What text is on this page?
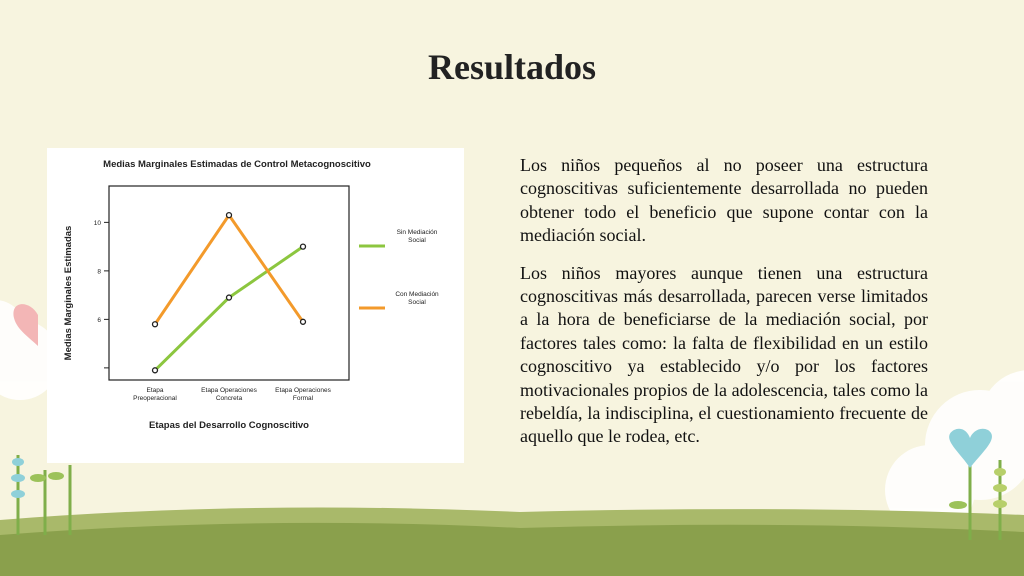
Resultados
Medias Marginales Estimadas de Control Metacognoscitivo
10
8
6
Etapa
Preoperacional
Etapa Operaciones
Concreta
Etapa Operaciones
Formal
Medias Marginales Estimadas
Etapas del Desarrollo Cognoscitivo
Sin Mediación
Social
Con Mediación
Social

Los niños pequeños al no poseer una estructura cognoscitivas suficientemente desarrollada no pueden obtener todo el beneficio que supone contar con la mediación social.

Los niños mayores aunque tienen una estructura cognoscitivas más desarrollada, parecen verse limitados a la hora de beneficiarse de la mediación social, por factores tales como: la falta de flexibilidad en un estilo cognoscitivo ya establecido y/o por los factores motivacionales propios de la adolescencia, tales como la rebeldía, la indisciplina, el cuestionamiento frecuente de aquello que le rodea, etc.
